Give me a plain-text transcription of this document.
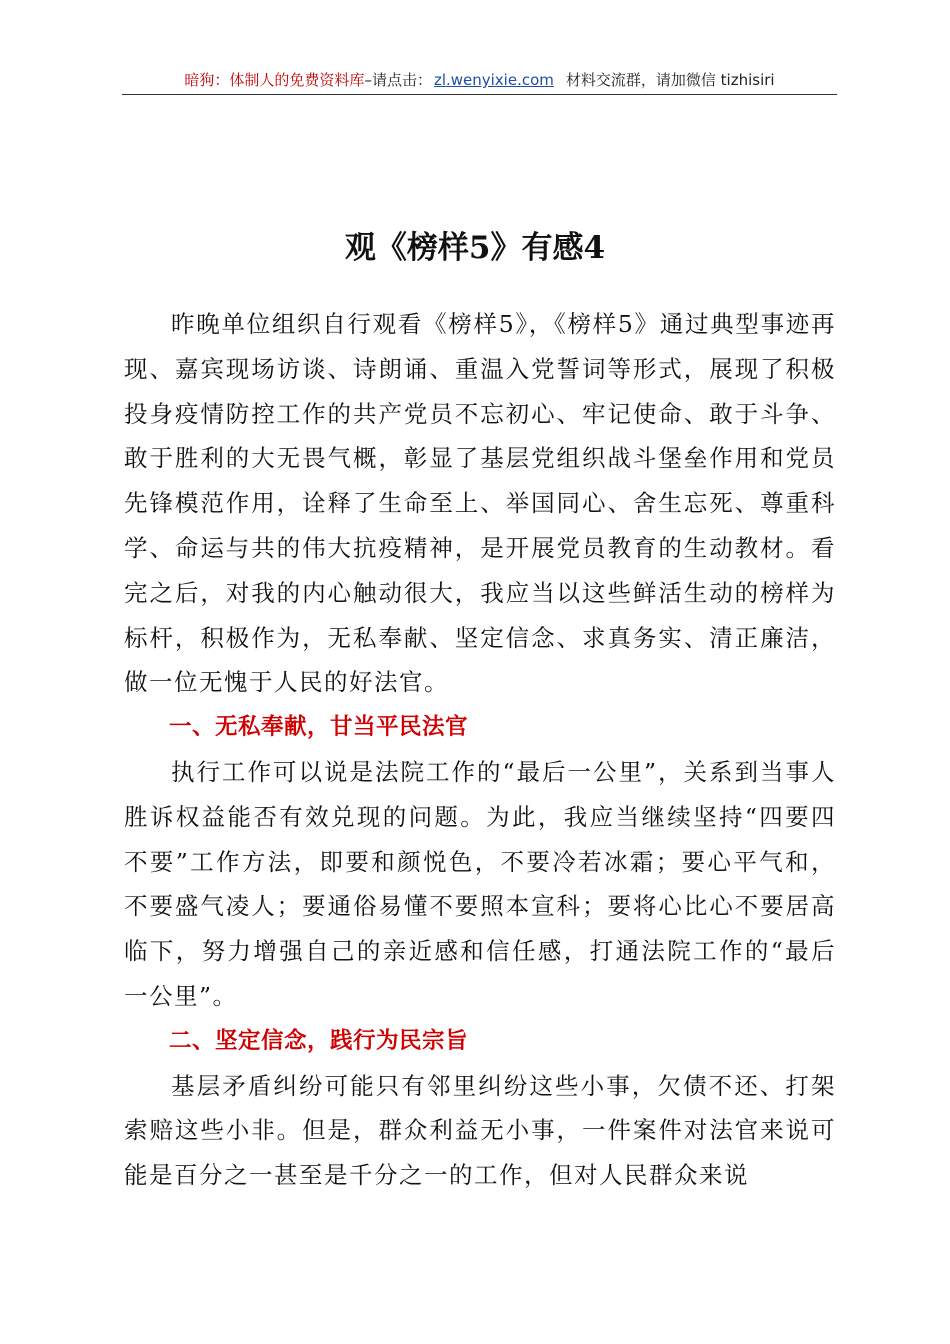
暗狗：体制人的免费资料库–请点击： zl.wenyixie.com 材料交流群，请加微信 tizhisiri
观《榜样5》有感4

昨晚单位组织自行观看《榜样5》，《榜样5》通过典型事迹再现、嘉宾现场访谈、诗朗诵、重温入党誓词等形式，展现了积极投身疫情防控工作的共产党员不忘初心、牢记使命、敢于斗争、敢于胜利的大无畏气概，彰显了基层党组织战斗堡垒作用和党员先锋模范作用，诠释了生命至上、举国同心、舍生忘死、尊重科学、命运与共的伟大抗疫精神，是开展党员教育的生动教材。看完之后，对我的内心触动很大，我应当以这些鲜活生动的榜样为标杆，积极作为，无私奉献、坚定信念、求真务实、清正廉洁，做一位无愧于人民的好法官。

一、无私奉献，甘当平民法官

执行工作可以说是法院工作的“最后一公里”，关系到当事人胜诉权益能否有效兑现的问题。为此，我应当继续坚持“四要四不要”工作方法，即要和颜悦色，不要冷若冰霜；要心平气和，不要盛气凌人；要通俗易懂不要照本宣科；要将心比心不要居高临下，努力增强自己的亲近感和信任感，打通法院工作的“最后一公里”。

二、坚定信念，践行为民宗旨

基层矛盾纠纷可能只有邻里纠纷这些小事，欠债不还、打架索赔这些小非。但是，群众利益无小事，一件案件对法官来说可能是百分之一甚至是千分之一的工作，但对人民群众来说
